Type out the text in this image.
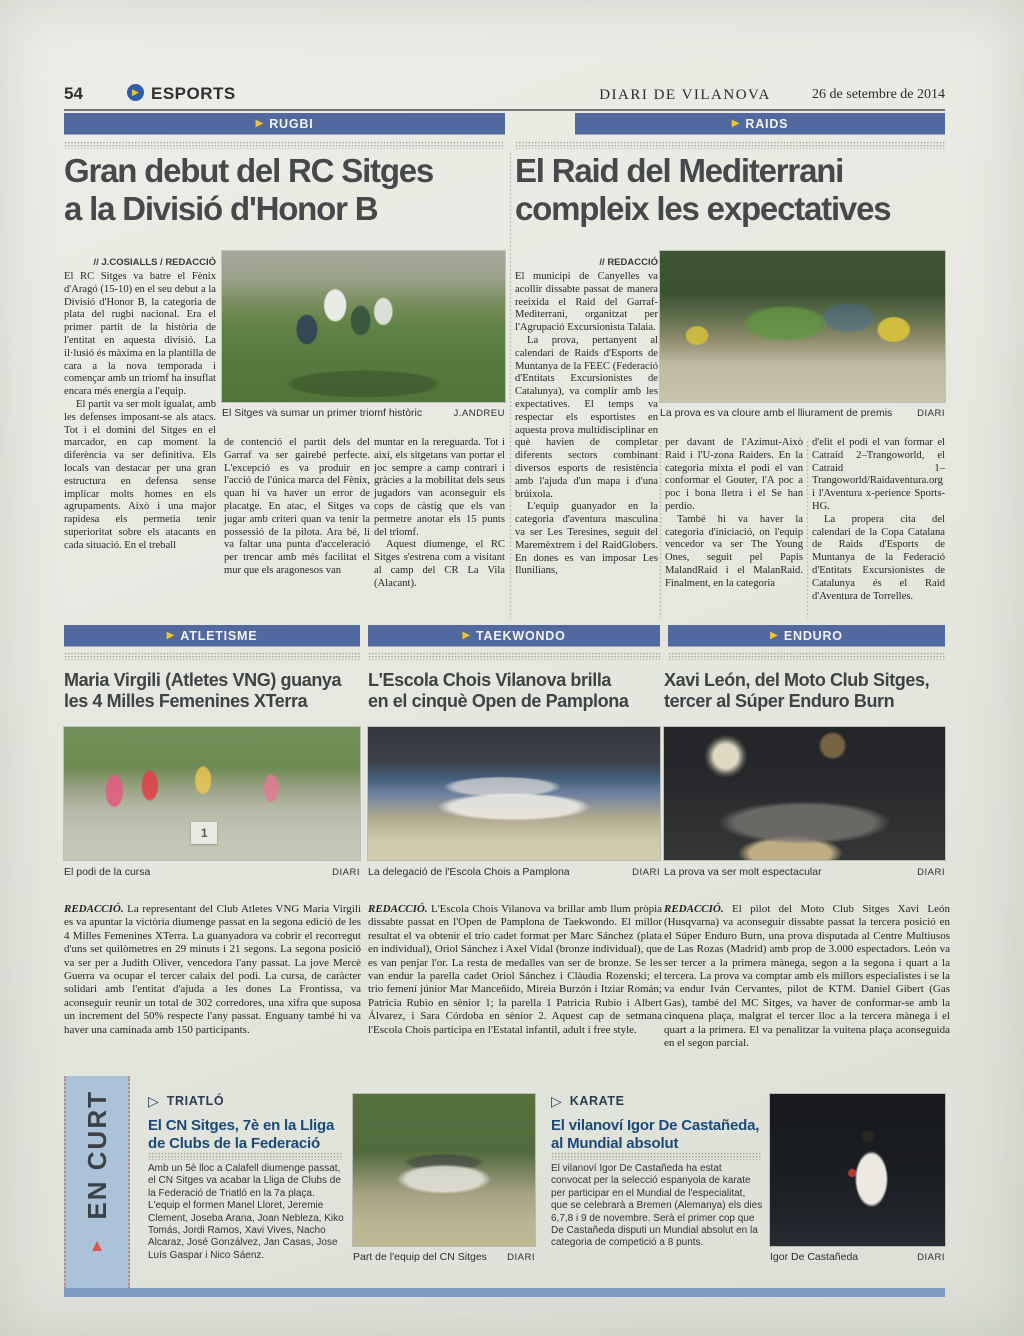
54	▶ ESPORTS	DIARI DE VILANOVA	26 de setembre de 2014
▶ RUGBI	▶ RAIDS
Gran debut del RC Sitges
a la Divisió d'Honor B
// J.COSIALLS / REDACCIÓ

El RC Sitges va batre el Fènix d'Aragó (15-10) en el seu debut a la Divisió d'Honor B, la categoria de plata del rugbi nacional. Era el primer partit de la història de l'entitat en aquesta divisió. La il·lusió és màxima en la plantilla de cara a la nova temporada i començar amb un triomf ha insuflat encara més energia a l'equip.

El partit va ser molt igualat, amb les defenses imposant-se als atacs. Tot i el domini del Sitges en el marcador, en cap moment la diferència va ser definitiva. Els locals van destacar per una gran estructura en defensa sense implicar molts homes en els agrupaments. Això i una major rapidesa els permetia tenir superioritat sobre els atacants en cada situació. En el treball

El Sitges va sumar un primer triomf històric	J.ANDREU

de contenció el partit dels del Garraf va ser gairebé perfecte. L'excepció es va produir en l'acció de l'única marca del Fènix, quan hi va haver un error de placatge. En atac, el Sitges va jugar amb criteri quan va tenir la possessió de la pilota. Ara bé, li va faltar una punta d'acceleració per trencar amb més facilitat el mur que els aragonesos van

muntar en la rereguarda. Tot i així, els sitgetans van portar el joc sempre a camp contrari i gràcies a la mobilitat dels seus jugadors van aconseguir els cops de càstig que els van permetre anotar els 15 punts del triomf.

Aquest diumenge, el RC Sitges s'estrena com a visitant al camp del CR La Vila (Alacant).

El Raid del Mediterrani
compleix les expectatives
// REDACCIÓ

El municipi de Canyelles va acollir dissabte passat de manera reeixida el Raid del Garraf-Mediterrani, organitzat per l'Agrupació Excursionista Talaia.

La prova, pertanyent al calendari de Raids d'Esports de Muntanya de la FEEC (Federació d'Entitats Excursionistes de Catalunya), va complir amb les expectatives. El temps va respectar els esportistes en aquesta prova multidisciplinar en què havien de completar diferents sectors combinant diversos esports de resistència amb l'ajuda d'un mapa i d'una brúixola.

L'equip guanyador en la categoria d'aventura masculina va ser Les Teresines, seguit del Maremèxtrem i del RaidGlobers. En dones es van imposar Les Ilunilians,

La prova es va cloure amb el lliurament de premis	DIARI

per davant de l'Azimut-Això Raid i l'U-zona Raiders. En la categoria mixta el podi el van conformar el Gouter, l'A poc a poc i bona lletra i el Se han perdío.

També hi va haver la categoria d'iniciació, on l'equip vencedor va ser The Young Ones, seguit pel Papis MalandRaid i el MalanRaid. Finalment, en la categoria

d'elit el podi el van formar el Catraid 2–Trangoworld, el Catraid 1–Trangoworld/Raidaventura.org i l'Aventura x-perience Sports-HG.

La propera cita del calendari de la Copa Catalana de Raids d'Esports de Muntanya de la Federació d'Entitats Excursionistes de Catalunya és el Raid d'Aventura de Torrelles.

▶ ATLETISME	▶ TAEKWONDO	▶ ENDURO
Maria Virgili (Atletes VNG) guanya
les 4 Milles Femenines XTerra
L'Escola Chois Vilanova brilla
en el cinquè Open de Pamplona
Xavi León, del Moto Club Sitges,
tercer al Súper Enduro Burn
1
El podi de la cursa	DIARI La delegació de l'Escola Chois a Pamplona	DIARI La prova va ser molt espectacular	DIARI
REDACCIÓ. La representant del Club Atletes VNG Maria Virgili es va apuntar la victòria diumenge passat en la segona edició de les 4 Milles Femenines XTerra. La guanyadora va cobrir el recorregut d'uns set quilòmetres en 29 minuts i 21 segons. La segona posició va ser per a Judith Oliver, vencedora l'any passat. La jove Mercè Guerra va ocupar el tercer calaix del podi. La cursa, de caràcter solidari amb l'entitat d'ajuda a les dones La Frontissa, va aconseguir reunir un total de 302 corredores, una xifra que suposa un increment del 50% respecte l'any passat. Enguany també hi va haver una caminada amb 150 participants.
REDACCIÓ. L'Escola Chois Vilanova va brillar amb llum pròpia dissabte passat en l'Open de Pamplona de Taekwondo. El millor resultat el va obtenir el trio cadet format per Marc Sánchez (plata en individual), Oriol Sánchez i Axel Vidal (bronze individual), que es van penjar l'or. La resta de medalles van ser de bronze. Se les van endur la parella cadet Oriol Sánchez i Clàudia Rozenski; el trio femení júnior Mar Manceñido, Mireia Burzón i Itziar Román; Patricia Rubio en sènior 1; la parella 1 Patricia Rubio i Albert Álvarez, i Sara Córdoba en sènior 2. Aquest cap de setmana l'Escola Chois participa en l'Estatal infantil, adult i free style.
REDACCIÓ. El pilot del Moto Club Sitges Xavi León (Husqvarna) va aconseguir dissabte passat la tercera posició en el Súper Enduro Burn, una prova disputada al Centre Multiusos de Las Rozas (Madrid) amb prop de 3.000 espectadors. León va ser tercer a la primera mànega, segon a la segona i quart a la tercera. La prova va comptar amb els millors especialistes i se la va endur Iván Cervantes, pilot de KTM. Daniel Gibert (Gas Gas), també del MC Sitges, va haver de conformar-se amb la cinquena plaça, malgrat el tercer lloc a la tercera mànega i el quart a la primera. El va penalitzar la vuitena plaça aconseguida en el segon parcial.
EN CURT
▲
▷ TRIATLÓ
El CN Sitges, 7è en la Lliga
de Clubs de la Federació
Amb un 5è lloc a Calafell diumenge passat, el CN Sitges va acabar la Lliga de Clubs de la Federació de Triatló en la 7a plaça. L'equip el formen Manel Lloret, Jeremie Clement, Joseba Arana, Joan Nebleza, Kiko Tomás, Jordi Ramos, Xavi Vives, Nacho Alcaraz, José Gonzálvez, Jan Casas, Jose Luís Gaspar i Nico Sáenz.	Part de l'equip del CN Sitges DIARI
▷ KARATE
El vilanoví Igor De Castañeda,
al Mundial absolut
El vilanoví Igor De Castañeda ha estat convocat per la selecció espanyola de karate per participar en el Mundial de l'especialitat, que se celebrarà a Bremen (Alemanya) els dies 6,7,8 i 9 de novembre. Serà el primer cop que De Castañeda disputi un Mundial absolut en la categoria de competició a 8 punts.
Igor De Castañeda	DIARI
